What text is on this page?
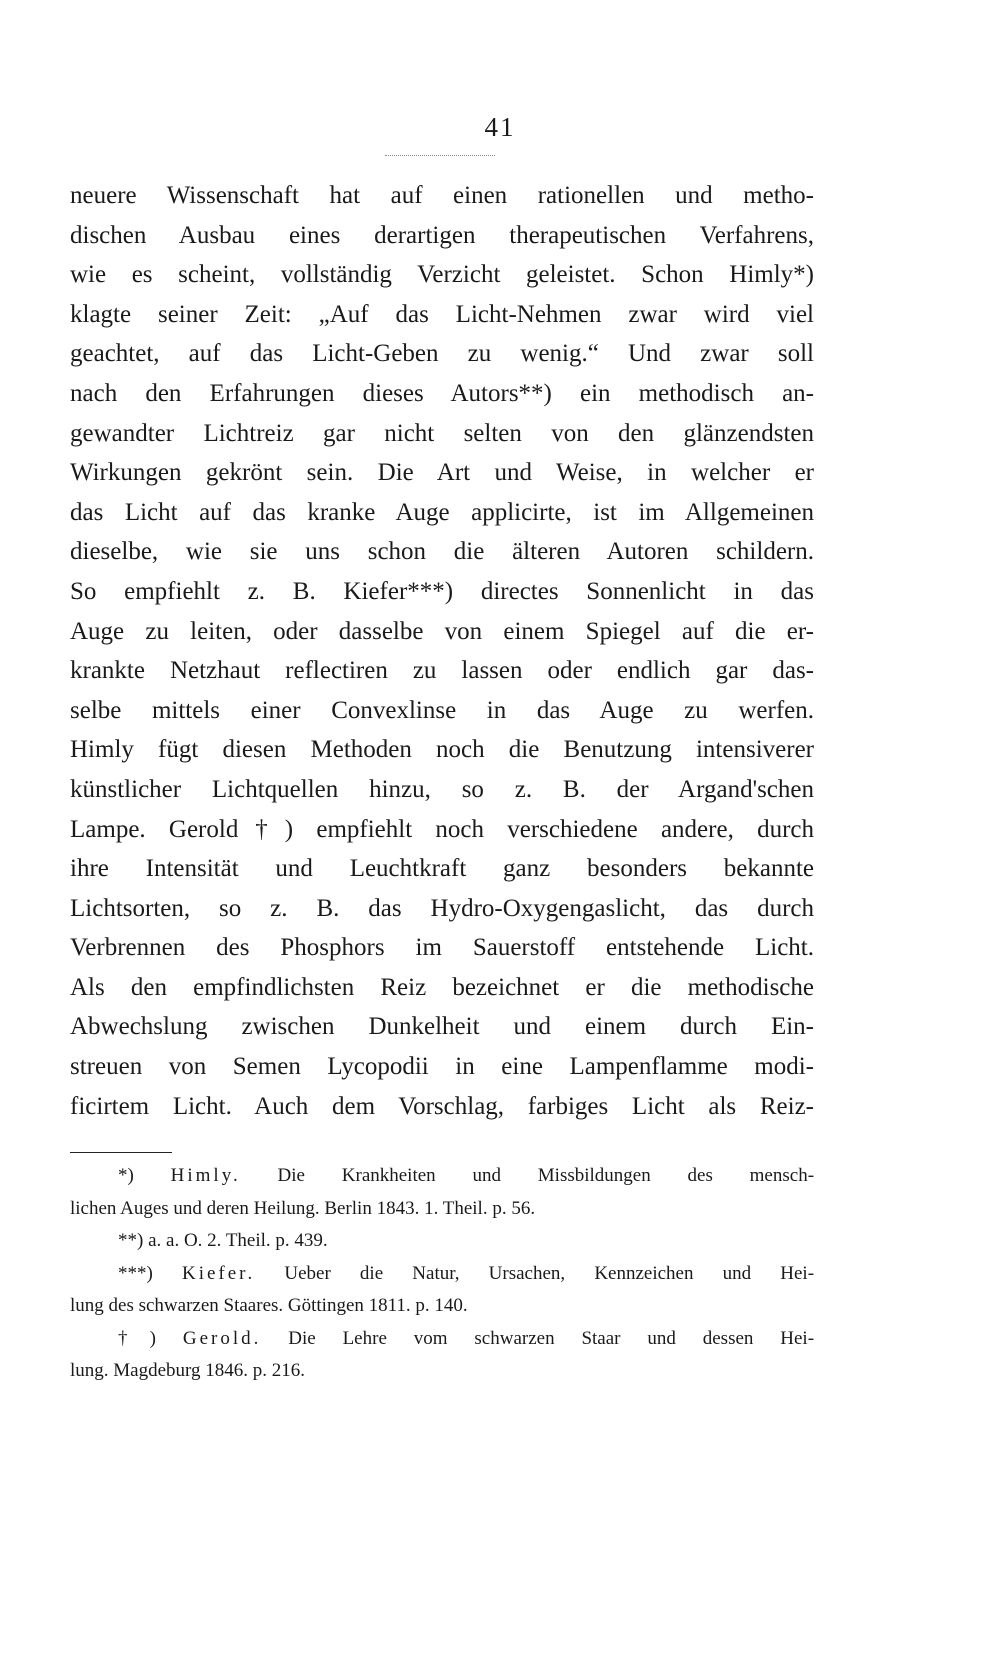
41
neuere Wissenschaft hat auf einen rationellen und metho-
dischen Ausbau eines derartigen therapeutischen Verfahrens,
wie es scheint, vollständig Verzicht geleistet. Schon Himly*)
klagte seiner Zeit: „Auf das Licht-Nehmen zwar wird viel
geachtet, auf das Licht-Geben zu wenig.“ Und zwar soll
nach den Erfahrungen dieses Autors**) ein methodisch an-
gewandter Lichtreiz gar nicht selten von den glänzendsten
Wirkungen gekrönt sein. Die Art und Weise, in welcher er
das Licht auf das kranke Auge applicirte, ist im Allgemeinen
dieselbe, wie sie uns schon die älteren Autoren schildern.
So empfiehlt z. B. Kiefer***) directes Sonnenlicht in das
Auge zu leiten, oder dasselbe von einem Spiegel auf die er-
krankte Netzhaut reflectiren zu lassen oder endlich gar das-
selbe mittels einer Convexlinse in das Auge zu werfen.
Himly fügt diesen Methoden noch die Benutzung intensiverer
künstlicher Lichtquellen hinzu, so z. B. der Argand'schen
Lampe. Gerold†) empfiehlt noch verschiedene andere, durch
ihre Intensität und Leuchtkraft ganz besonders bekannte
Lichtsorten, so z. B. das Hydro-Oxygengaslicht, das durch
Verbrennen des Phosphors im Sauerstoff entstehende Licht.
Als den empfindlichsten Reiz bezeichnet er die methodische
Abwechslung zwischen Dunkelheit und einem durch Ein-
streuen von Semen Lycopodii in eine Lampenflamme modi-
ficirtem Licht. Auch dem Vorschlag, farbiges Licht als Reiz-
*) Himly. Die Krankheiten und Missbildungen des mensch-
lichen Auges und deren Heilung. Berlin 1843. 1. Theil. p. 56.
**) a. a. O. 2. Theil. p. 439.
***) Kiefer. Ueber die Natur, Ursachen, Kennzeichen und Hei-
lung des schwarzen Staares. Göttingen 1811. p. 140.
†) Gerold. Die Lehre vom schwarzen Staar und dessen Hei-
lung. Magdeburg 1846. p. 216.
